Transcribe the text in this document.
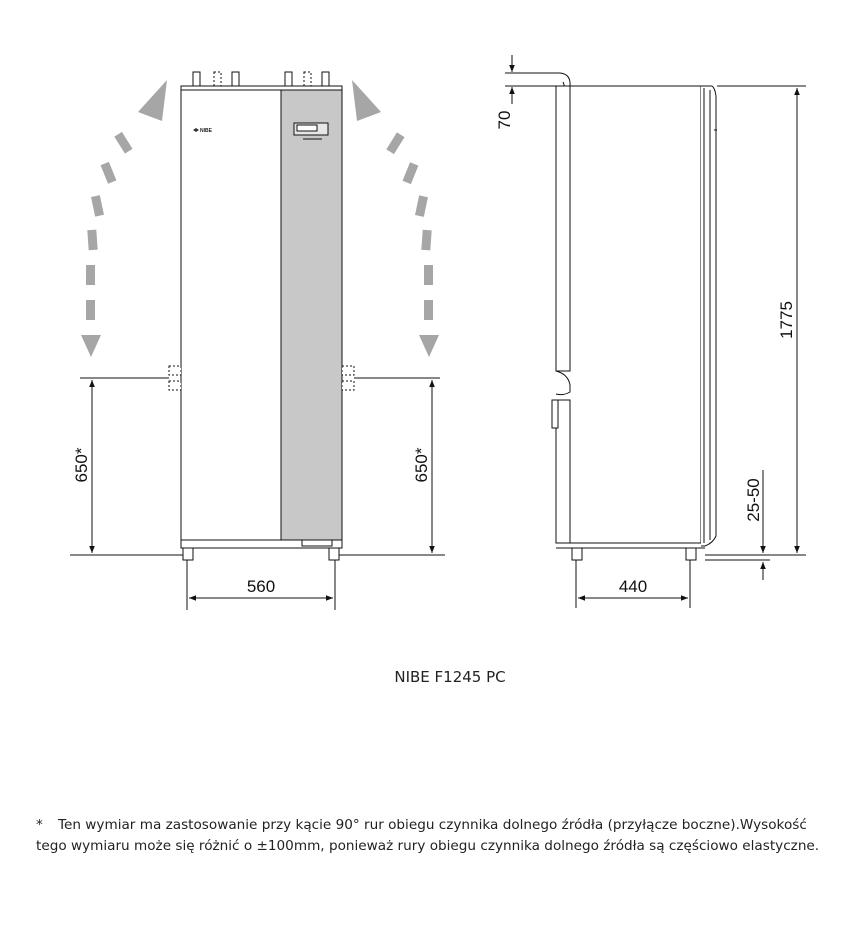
NIBE
650*	650*
560
70
1775
25-50
440
NIBE F1245 PC
* Ten wymiar ma zastosowanie przy kącie 90° rur obiegu czynnika dolnego źródła (przyłącze boczne).Wysokość tego wymiaru może się różnić o ±100mm, ponieważ rury obiegu czynnika dolnego źródła są częściowo elastyczne.
